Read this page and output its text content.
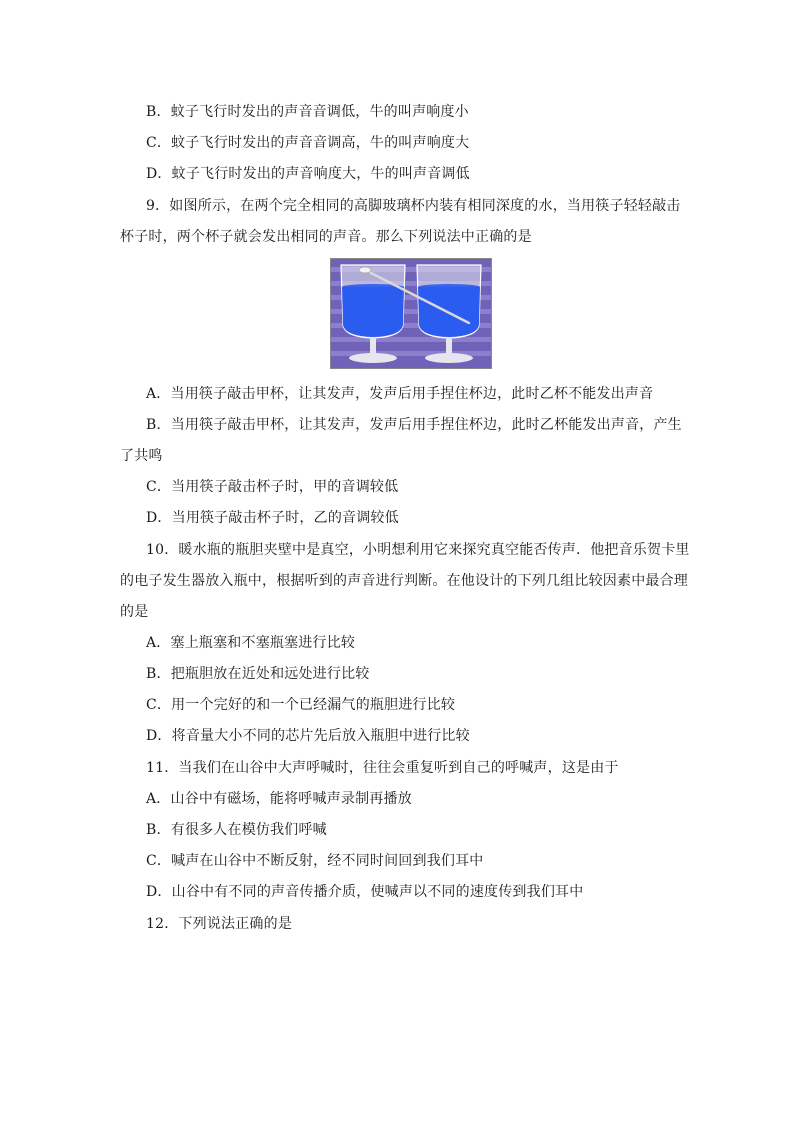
B．蚊子飞行时发出的声音音调低，牛的叫声响度小
C．蚊子飞行时发出的声音音调高，牛的叫声响度大
D．蚊子飞行时发出的声音响度大，牛的叫声音调低
9．如图所示，在两个完全相同的高脚玻璃杯内装有相同深度的水，当用筷子轻轻敲击
杯子时，两个杯子就会发出相同的声音。那么下列说法中正确的是
A．当用筷子敲击甲杯，让其发声，发声后用手捏住杯边，此时乙杯不能发出声音
B．当用筷子敲击甲杯，让其发声，发声后用手捏住杯边，此时乙杯能发出声音，产生
了共鸣
C．当用筷子敲击杯子时，甲的音调较低
D．当用筷子敲击杯子时，乙的音调较低
10．暖水瓶的瓶胆夹壁中是真空，小明想利用它来探究真空能否传声．他把音乐贺卡里
的电子发生器放入瓶中，根据听到的声音进行判断。在他设计的下列几组比较因素中最合理
的是
A．塞上瓶塞和不塞瓶塞进行比较
B．把瓶胆放在近处和远处进行比较
C．用一个完好的和一个已经漏气的瓶胆进行比较
D．将音量大小不同的芯片先后放入瓶胆中进行比较
11．当我们在山谷中大声呼喊时，往往会重复听到自己的呼喊声，这是由于
A．山谷中有磁场，能将呼喊声录制再播放
B．有很多人在模仿我们呼喊
C．喊声在山谷中不断反射，经不同时间回到我们耳中
D．山谷中有不同的声音传播介质，使喊声以不同的速度传到我们耳中
12．下列说法正确的是
